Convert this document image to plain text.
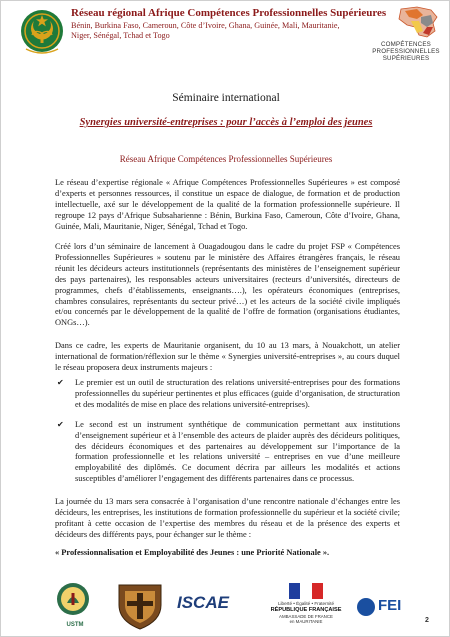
Réseau régional Afrique Compétences Professionnelles Supérieures
Bénin, Burkina Faso, Cameroun, Côte d’Ivoire, Ghana, Guinée, Mali, Mauritanie,
Niger, Sénégal, Tchad et Togo
COMPÉTENCES
PROFESSIONNELLES
SUPÉRIEURES
Séminaire international
Synergies université-entreprises : pour l’accès à l’emploi des jeunes
Réseau Afrique Compétences Professionnelles Supérieures
Le réseau d’expertise régionale « Afrique Compétences Professionnelles Supérieures » est composé d’experts et personnes ressources, il constitue un espace de dialogue, de formation et de production intellectuelle, axé sur le développement de la qualité de la formation professionnelle supérieure. Il regroupe 12 pays d’Afrique Subsaharienne : Bénin, Burkina Faso, Cameroun, Côte d’Ivoire, Ghana, Guinée, Mali, Mauritanie, Niger, Sénégal, Tchad et Togo.
Créé lors d’un séminaire de lancement à Ouagadougou dans le cadre du projet FSP « Compétences Professionnelles Supérieures » soutenu par le ministère des Affaires étrangères français, le réseau réunit les décideurs acteurs institutionnels (représentants des ministères de l’enseignement supérieur des pays partenaires), les responsables acteurs universitaires (recteurs d’universités, directeurs de programmes, chefs d’établissements, enseignants….), les opérateurs économiques (entreprises, chambres consulaires, représentants du secteur privé…) et les acteurs de la société civile impliqués et/ou concernés par le développement de la qualité de l’offre de formation (organisations étudiantes, ONGs…).
Dans ce cadre, les experts de Mauritanie organisent, du 10 au 13 mars, à Nouakchott, un atelier international de formation/réflexion sur le thème « Synergies université-entreprises », au cours duquel le réseau proposera deux instruments majeurs :
✔ Le premier est un outil de structuration des relations université-entreprises pour des formations professionnelles du supérieur pertinentes et plus efficaces (guide d’organisation, de structuration et des modalités de mise en place des relations université-entreprises).
✔ Le second est un instrument synthétique de communication permettant aux institutions d’enseignement supérieur et à l’ensemble des acteurs de plaider auprès des décideurs politiques, des décideurs économiques et des partenaires au développement sur l’importance de la formation professionnelle et les relations université – entreprises en vue d’une meilleure employabilité des diplômés. Ce document décrira par ailleurs les modalités et actions susceptibles d’améliorer l’engagement des différents partenaires dans ce processus.
La journée du 13 mars sera consacrée à l’organisation d’une rencontre nationale d’échanges entre les décideurs, les entreprises, les institutions de formation professionnelle du supérieur et la société civile; profitant à cette occasion de l’expertise des membres du réseau et de la présence des experts et décideurs des différents pays, pour échanger sur le thème :
« Professionnalisation et Employabilité des Jeunes : une Priorité Nationale ».
USTM
ISCAE	Liberté • Égalité • Fraternité
RÉPUBLIQUE FRANÇAISE
AMBASSADE DE FRANCE
en MAURITANIE
FEI
2
